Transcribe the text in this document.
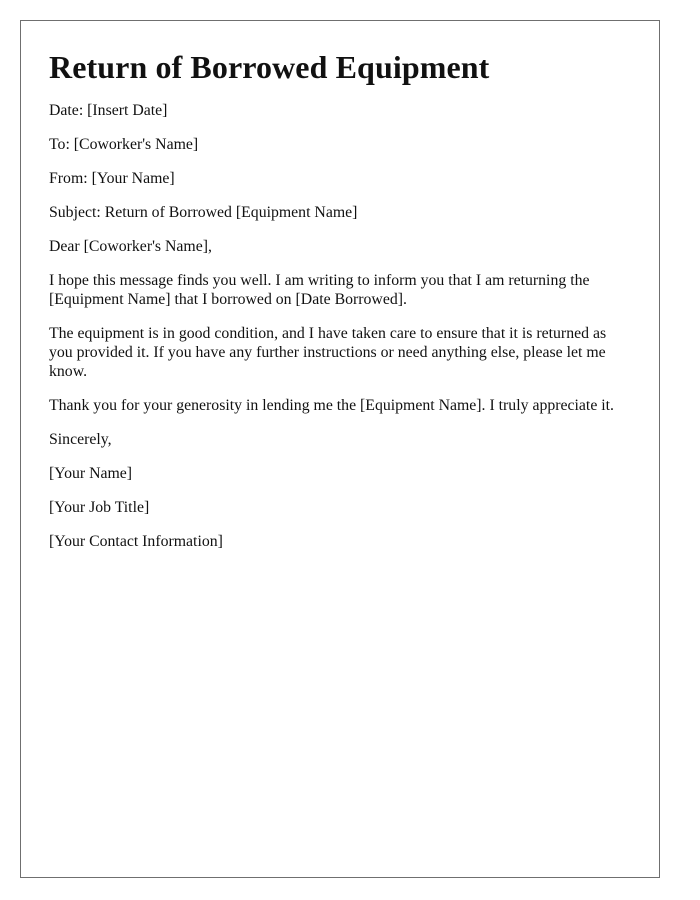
Return of Borrowed Equipment

Date: [Insert Date]

To: [Coworker's Name]

From: [Your Name]

Subject: Return of Borrowed [Equipment Name]

Dear [Coworker's Name],

I hope this message finds you well. I am writing to inform you that I am returning the [Equipment Name] that I borrowed on [Date Borrowed].

The equipment is in good condition, and I have taken care to ensure that it is returned as you provided it. If you have any further instructions or need anything else, please let me know.

Thank you for your generosity in lending me the [Equipment Name]. I truly appreciate it.

Sincerely,

[Your Name]

[Your Job Title]

[Your Contact Information]
